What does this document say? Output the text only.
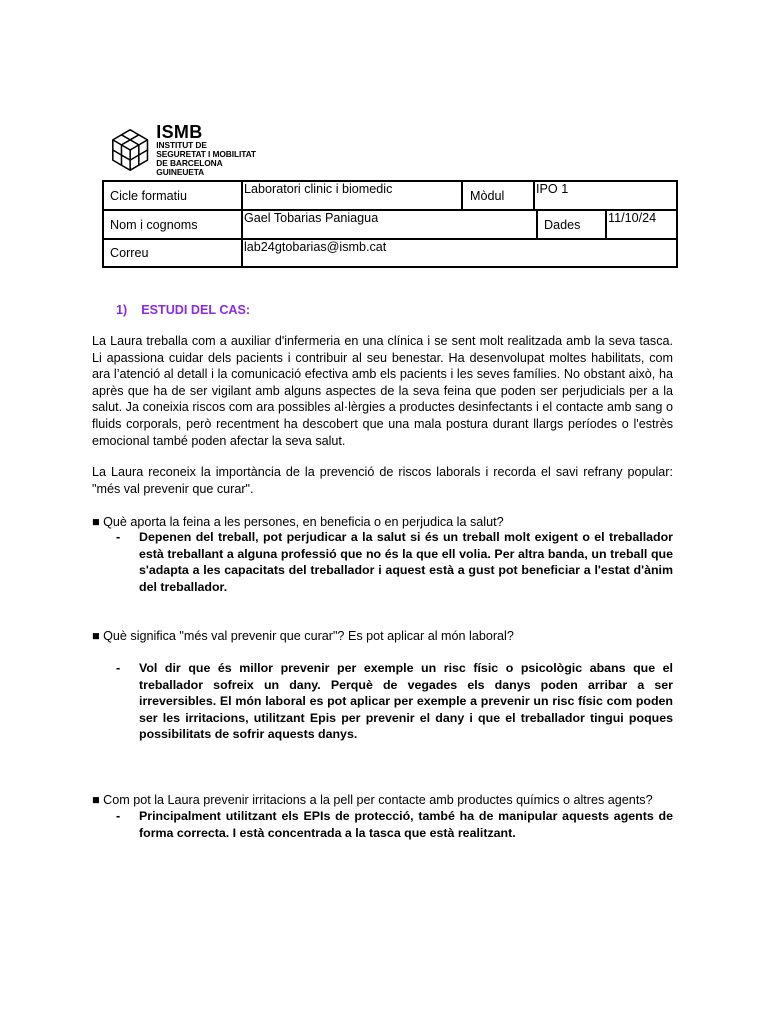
ISMB
INSTITUT DE
SEGURETAT I MOBILITAT
DE BARCELONA GUINEUETA
Cicle formatiu	Laboratori clinic i biomedic	Mòdul	IPO 1
Nom i cognoms	Gael Tobarias Paniagua	Dades 11/10/24
Correu	lab24gtobarias@ismb.cat
1) ESTUDI DEL CAS:
La Laura treballa com a auxiliar d'infermeria en una clínica i se sent molt realitzada amb la seva tasca. Li apassiona cuidar dels pacients i contribuir al seu benestar. Ha desenvolupat moltes habilitats, com ara l’atenció al detall i la comunicació efectiva amb els pacients i les seves famílies. No obstant això, ha après que ha de ser vigilant amb alguns aspectes de la seva feina que poden ser perjudicials per a la salut. Ja coneixia riscos com ara possibles al·lèrgies a productes desinfectants i el contacte amb sang o fluids corporals, però recentment ha descobert que una mala postura durant llargs períodes o l'estrès emocional també poden afectar la seva salut.
La Laura reconeix la importància de la prevenció de riscos laborals i recorda el savi refrany popular: "més val prevenir que curar".
■ Què aporta la feina a les persones, en beneficia o en perjudica la salut?
- Depenen del treball, pot perjudicar a la salut si és un treball molt exigent o el treballador està treballant a alguna professió que no és la que ell volia. Per altra banda, un treball que s'adapta a les capacitats del treballador i aquest està a gust pot beneficiar a l'estat d'ànim del treballador.
■ Què significa "més val prevenir que curar"? Es pot aplicar al món laboral?
- Vol dir que és millor prevenir per exemple un risc físic o psicològic abans que el treballador sofreix un dany. Perquè de vegades els danys poden arribar a ser irreversibles. El món laboral es pot aplicar per exemple a prevenir un risc físic com poden ser les irritacions, utilitzant Epis per prevenir el dany i que el treballador tingui poques possibilitats de sofrir aquests danys.
■ Com pot la Laura prevenir irritacions a la pell per contacte amb productes químics o altres agents?
- Principalment utilitzant els EPIs de protecció, també ha de manipular aquests agents de forma correcta. I està concentrada a la tasca que està realitzant.
